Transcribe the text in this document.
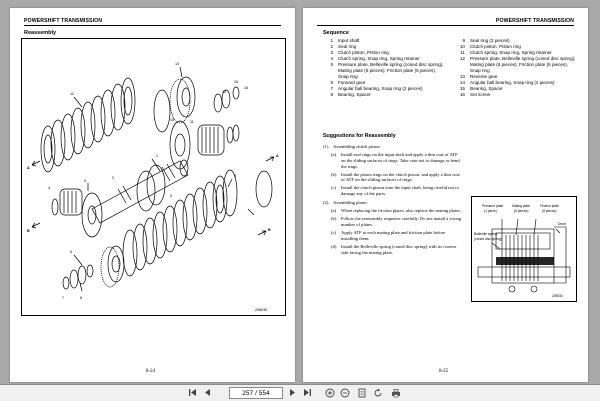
POWERSHIFT TRANSMISSION
Reassembly
13
14
15
16
12
11
10
9
1
2
3
4
5
6
7	8
A
B
A
B
208930
8-24
POWERSHIFT TRANSMISSION
Sequence
1	Input shaft
2	Seal ring
3	Clutch piston, Piston ring
4	Clutch spring, Snap ring, Spring retainer
5	Pressure plate, Belleville spring (coned disc spring), Mating plate (6 pieces), Friction plate (5 pieces), Snap ring
6	Forward gear
7	Angular ball bearing, Snap ring (2 pieces)
8	Bearing, Spacer
9	Seal ring (3 pieces)
10	Clutch piston, Piston ring
11	Clutch spring, Snap ring, Spring retainer
12	Pressure plate, Belleville spring (coned disc spring), Mating plate (6 pieces), Friction plate (5 pieces), Snap ring
13	Reverse gear
14	Angular ball bearing, Snap ring (2 pieces)
15	Bearing, Spacer
16	Set screw
Suggestions for Reassembly
(1)	Assembling clutch piston
(a)	Install seal rings on the input shaft and apply a thin coat of ATF on the sliding surfaces of rings. Take care not to damage or bend the rings.
(b)	Install the piston rings on the clutch piston, and apply a thin coat of ATF on the sliding surfaces of rings.
(c)	Install the clutch piston onto the input shaft, being careful not to damage any of the parts.
(2)	Assembling plates
(a)	When replacing the friction plates, also replace the mating plates.
(b)	Follow the reassembly sequence carefully. Do not install a wrong number of plates.
(c)	Apply ATF to each mating plate and friction plate before installing them.
(d)	Install the Belleville spring (coned disc spring) with its convex side facing the mating plate.
Pressure plate
(1 piece)
Mating plate
(6 pieces)
Friction plate
(5 pieces)
Belleville spring
(coned disc spring)
Drum
208931
8-25
257 / 554
